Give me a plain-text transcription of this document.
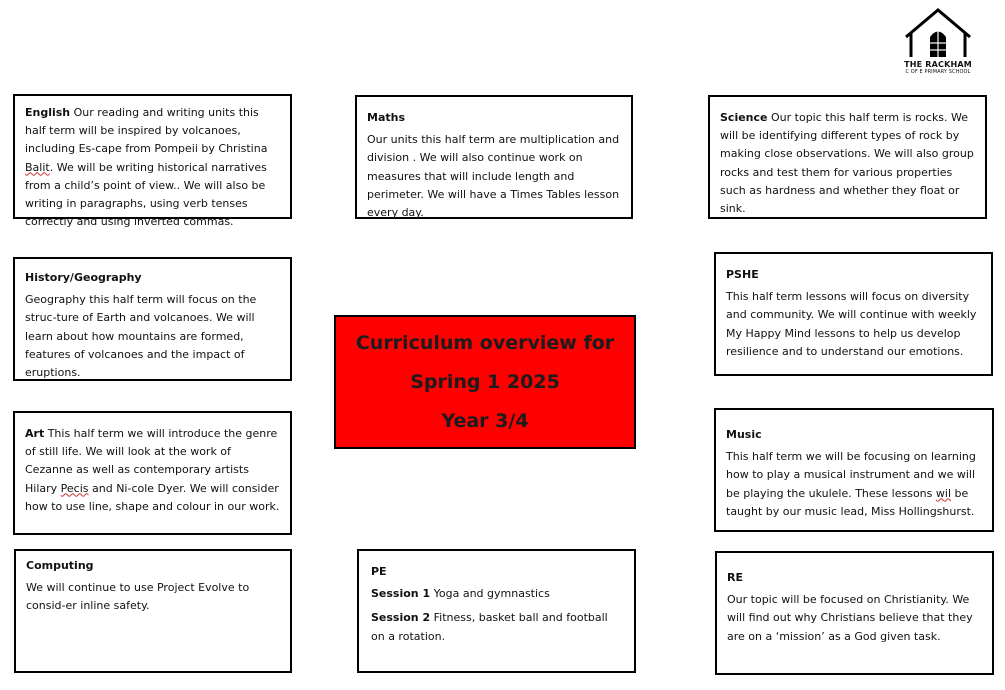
THE RACKHAM
C OF E PRIMARY SCHOOL
Curriculum overview for
Spring 1 2025
Year 3/4

English Our reading and writing units this half term will be inspired by volcanoes, including Es-cape from Pompeii by Christina Balit. We will be writing historical narratives from a child’s point of view.. We will also be writing in paragraphs, using verb tenses correctly and using inverted commas.

Maths

Our units this half term are multiplication and division . We will also continue work on measures that will include length and perimeter. We will have a Times Tables lesson every day.

Science Our topic this half term is rocks. We will be identifying different types of rock by making close observations. We will also group rocks and test them for various properties such as hardness and whether they float or sink.

History/Geography

Geography this half term will focus on the struc-ture of Earth and volcanoes. We will learn about how mountains are formed, features of volcanoes and the impact of eruptions.

PSHE

This half term lessons will focus on diversity and community. We will continue with weekly My Happy Mind lessons to help us develop resilience and to understand our emotions.

Art This half term we will introduce the genre of still life. We will look at the work of Cezanne as well as contemporary artists Hilary Pecis and Ni-cole Dyer. We will consider how to use line, shape and colour in our work.

Music

This half term we will be focusing on learning how to play a musical instrument and we will be playing the ukulele. These lessons wil be taught by our music lead, Miss Hollingshurst.

Computing

We will continue to use Project Evolve to consid-er inline safety.

PE

Session 1 Yoga and gymnastics

Session 2 Fitness, basket ball and football on a rotation.

RE

Our topic will be focused on Christianity. We will find out why Christians believe that they are on a ‘mission’ as a God given task.
